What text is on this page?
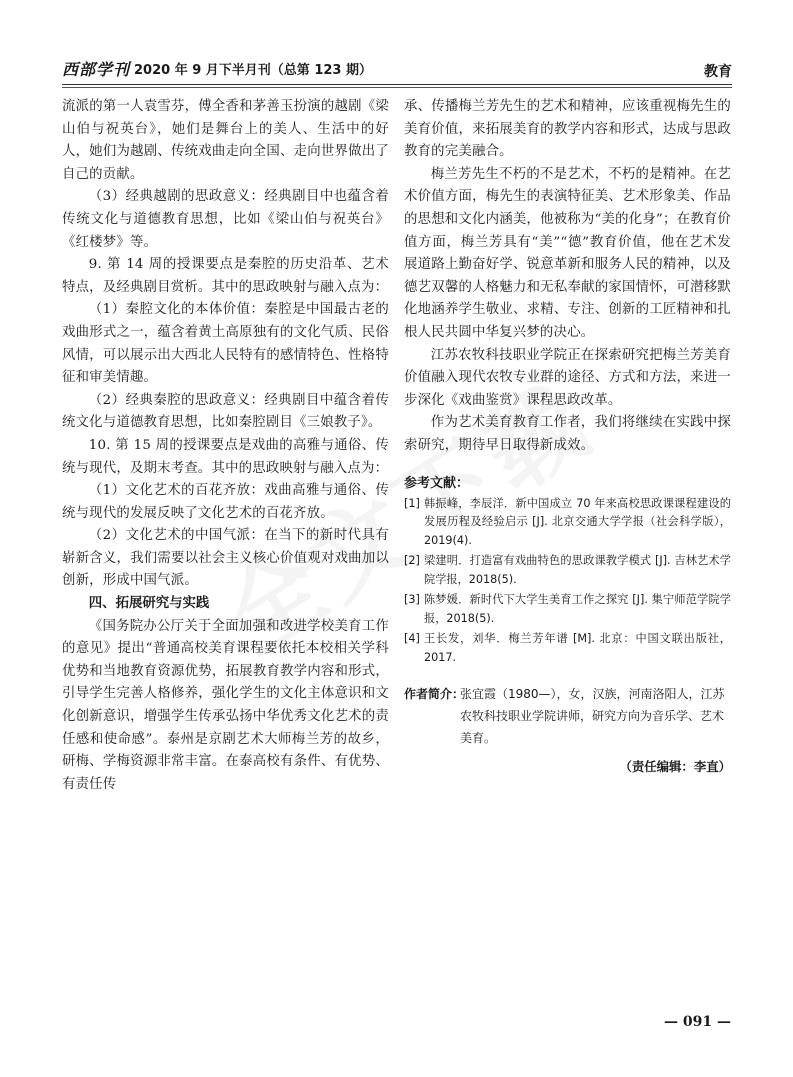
西部学刊 2020 年 9 月下半月刊（总第 123 期）	教育

流派的第一人袁雪芬，傅全香和茅善玉扮演的越剧《梁山伯与祝英台》，她们是舞台上的美人、生活中的好人，她们为越剧、传统戏曲走向全国、走向世界做出了自己的贡献。

（3）经典越剧的思政意义：经典剧目中也蕴含着传统文化与道德教育思想，比如《梁山伯与祝英台》《红楼梦》等。

9. 第 14 周的授课要点是秦腔的历史沿革、艺术特点，及经典剧目赏析。其中的思政映射与融入点为：

（1）秦腔文化的本体价值：秦腔是中国最古老的戏曲形式之一，蕴含着黄土高原独有的文化气质、民俗风情，可以展示出大西北人民特有的感情特色、性格特征和审美情趣。

（2）经典秦腔的思政意义：经典剧目中蕴含着传统文化与道德教育思想，比如秦腔剧目《三娘教子》。

10. 第 15 周的授课要点是戏曲的高雅与通俗、传统与现代，及期末考查。其中的思政映射与融入点为：

（1）文化艺术的百花齐放：戏曲高雅与通俗、传统与现代的发展反映了文化艺术的百花齐放。

（2）文化艺术的中国气派：在当下的新时代具有崭新含义，我们需要以社会主义核心价值观对戏曲加以创新，形成中国气派。

四、拓展研究与实践

《国务院办公厅关于全面加强和改进学校美育工作的意见》提出“普通高校美育课程要依托本校相关学科优势和当地教育资源优势，拓展教育教学内容和形式，引导学生完善人格修养，强化学生的文化主体意识和文化创新意识，增强学生传承弘扬中华优秀文化艺术的责任感和使命感”。泰州是京剧艺术大师梅兰芳的故乡，研梅、学梅资源非常丰富。在泰高校有条件、有优势、有责任传

承、传播梅兰芳先生的艺术和精神，应该重视梅先生的美育价值，来拓展美育的教学内容和形式，达成与思政教育的完美融合。

梅兰芳先生不朽的不是艺术，不朽的是精神。在艺术价值方面，梅先生的表演特征美、艺术形象美、作品的思想和文化内涵美，他被称为“美的化身”；在教育价值方面，梅兰芳具有“美”“德”教育价值，他在艺术发展道路上勤奋好学、锐意革新和服务人民的精神，以及德艺双馨的人格魅力和无私奉献的家国情怀，可潜移默化地涵养学生敬业、求精、专注、创新的工匠精神和扎根人民共圆中华复兴梦的决心。

江苏农牧科技职业学院正在探索研究把梅兰芳美育价值融入现代农牧专业群的途径、方式和方法，来进一步深化《戏曲鉴赏》课程思政改革。

作为艺术美育教育工作者，我们将继续在实践中探索研究，期待早日取得新成效。

参考文献：
[1] 韩振峰，李辰洋．新中国成立 70 年来高校思政课课程建设的发展历程及经验启示 [J]. 北京交通大学学报（社会科学版），2019(4).
[2] 梁建明．打造富有戏曲特色的思政课教学模式 [J]. 吉林艺术学院学报，2018(5).
[3] 陈梦媛．新时代下大学生美育工作之探究 [J]. 集宁师范学院学报，2018(5).
[4] 王长发，刘华．梅兰芳年谱 [M]. 北京：中国文联出版社，2017.
作者简介：
张宜霞（1980—），女，汉族，河南洛阳人，江苏农牧科技职业学院讲师，研究方向为音乐学、艺术美育。
（责任编辑：李直）
— 091 —
